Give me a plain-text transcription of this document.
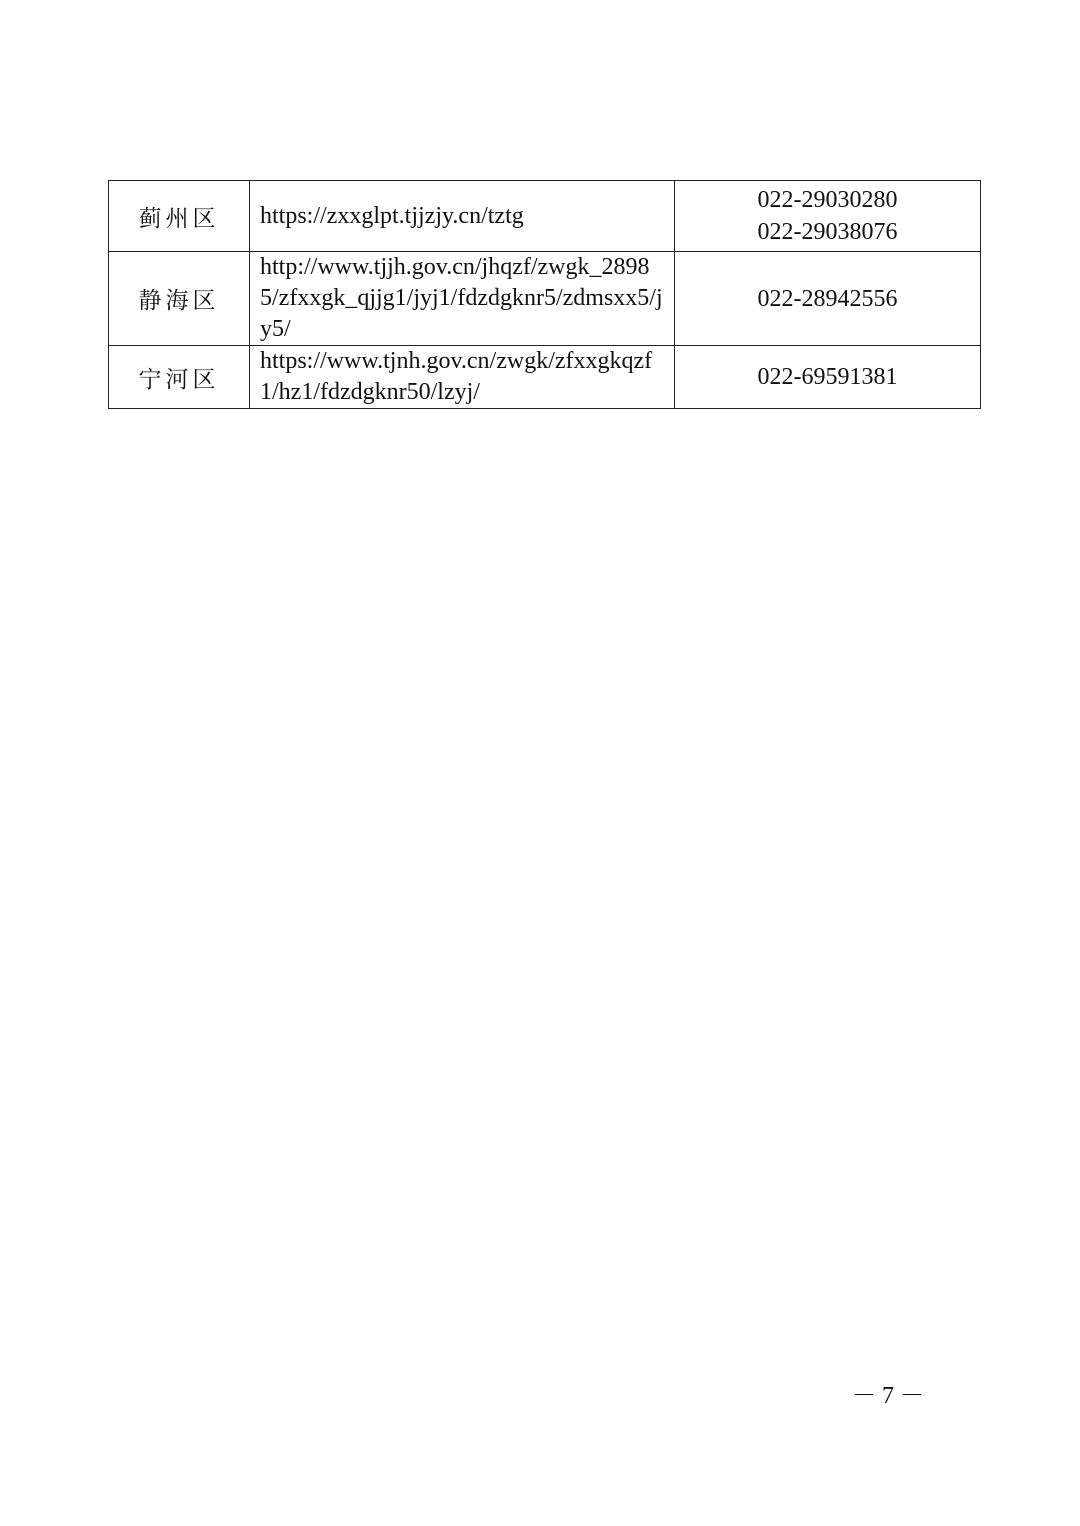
蓟州区	https://zxxglpt.tjjzjy.cn/tztg	022-29030280
022-29038076

静海区	http://www.tjjh.gov.cn/jhqzf/zwgk_28985/zfxxgk_qjjg1/jyj1/fdzdgknr5/zdmsxx5/jy5/	022-28942556

宁河区	https://www.tjnh.gov.cn/zwgk/zfxxgkqzf1/hz1/fdzdgknr50/lzyj/	022-69591381
－ 7 －
